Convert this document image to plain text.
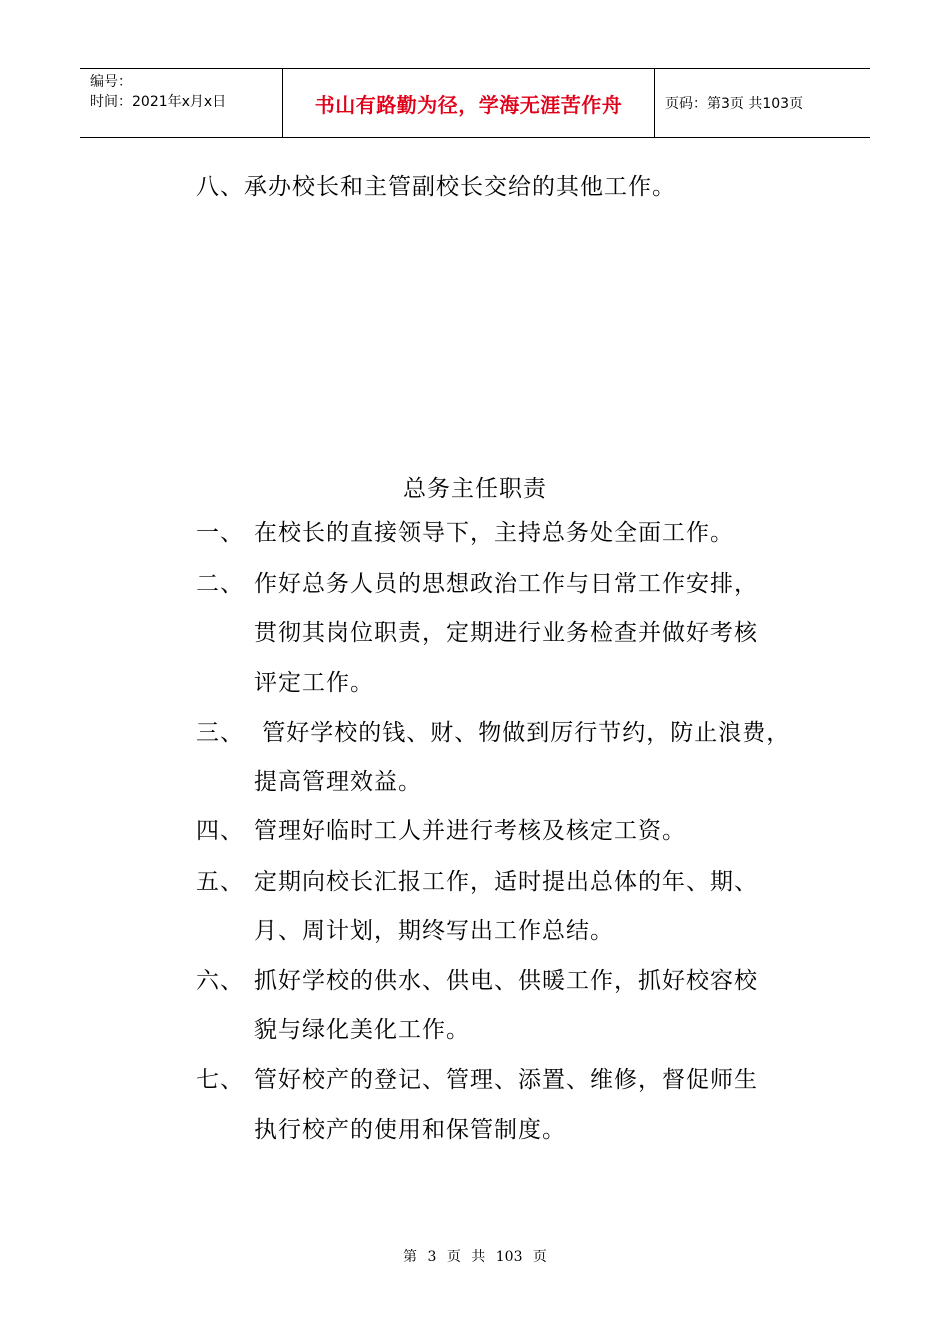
编号：
时间：2021年x月x日	书山有路勤为径，学海无涯苦作舟	页码：第3页 共103页
八、承办校长和主管副校长交给的其他工作。
总务主任职责
一、 在校长的直接领导下，主持总务处全面工作。
二、 作好总务人员的思想政治工作与日常工作安排，
贯彻其岗位职责，定期进行业务检查并做好考核
评定工作。
三、 管好学校的钱、财、物做到厉行节约，防止浪费，
提高管理效益。
四、 管理好临时工人并进行考核及核定工资。
五、 定期向校长汇报工作，适时提出总体的年、期、
月、周计划，期终写出工作总结。
六、 抓好学校的供水、供电、供暖工作，抓好校容校
貌与绿化美化工作。
七、 管好校产的登记、管理、添置、维修，督促师生
执行校产的使用和保管制度。
第 3 页 共 103 页
